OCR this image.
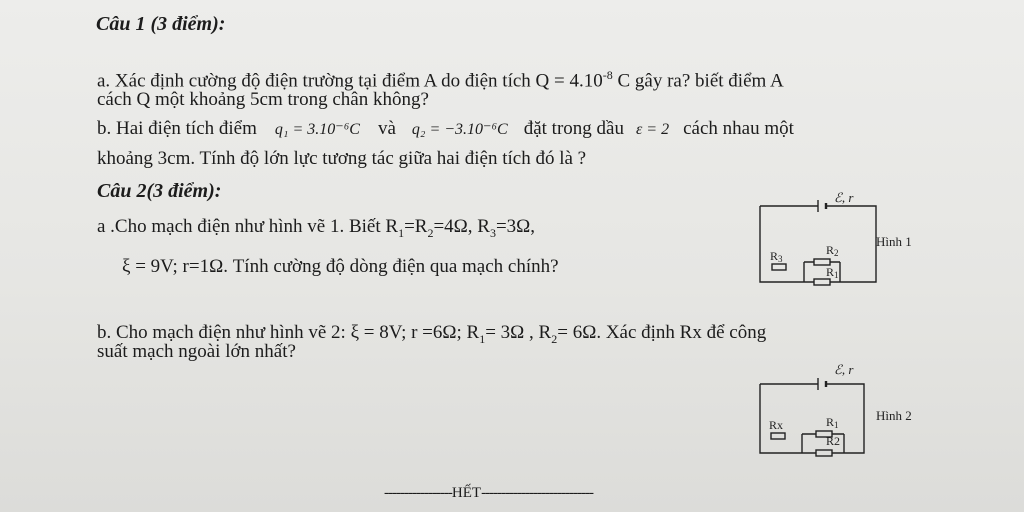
Câu 1 (3 điểm):
a. Xác định cường độ điện trường tại điểm A do điện tích $Q = 4.10^{-8}$ C gây ra? biết điểm A
cách Q một khoảng 5cm trong chân không?
b. Hai điện tích điểm q₁ = 3.10⁻⁶C và q₂ = −3.10⁻⁶C đặt trong dầu ε = 2 cách nhau một
khoảng 3cm. Tính độ lớn lực tương tác giữa hai điện tích đó là ?
Câu 2(3 điểm):
a .Cho mạch điện như hình vẽ 1. Biết $R_1=R_2=4\Omega$, $R_3=3\Omega$,
ξ = 9V; r=1Ω. Tính cường độ dòng điện qua mạch chính?
b. Cho mạch điện như hình vẽ 2: ξ = 8V; r =6Ω; $R_1= 3\Omega$ , $R_2= 6\Omega$. Xác định Rx để công
suất mạch ngoài lớn nhất?
ℰ, r
Hình 1
R3
R2
R1
ℰ, r
Hình 2
Rx	R1
R2
-----------------HẾT----------------------------
